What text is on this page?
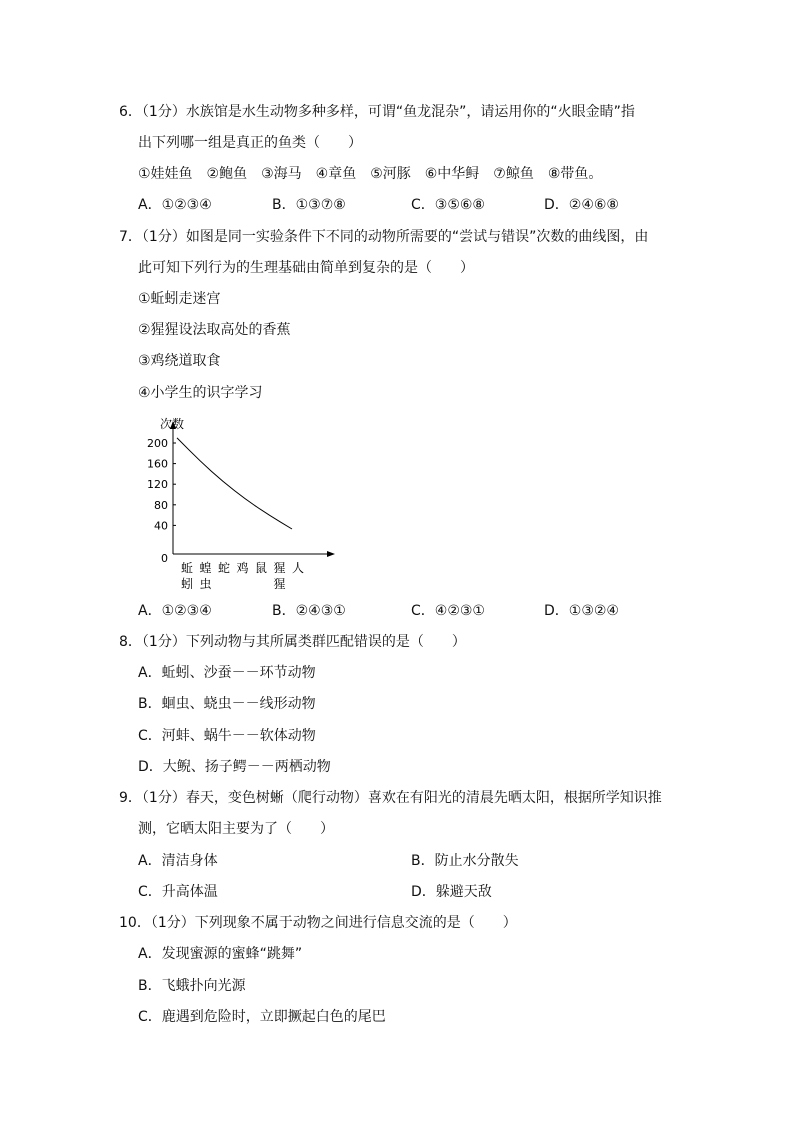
6．（1分）水族馆是水生动物多种多样，可谓“鱼龙混杂”，请运用你的“火眼金睛”指
出下列哪一组是真正的鱼类（　　）
①娃娃鱼　②鲍鱼　③海马　④章鱼　⑤河豚　⑥中华鲟　⑦鲸鱼　⑧带鱼。
A．①②③④	B．①③⑦⑧	C．③⑤⑥⑧	D．②④⑥⑧
7．（1分）如图是同一实验条件下不同的动物所需要的“尝试与错误”次数的曲线图，由
此可知下列行为的生理基础由简单到复杂的是（　　）
①蚯蚓走迷宫
②猩猩设法取高处的香蕉
③鸡绕道取食
④小学生的识字学习
次数
0
40
80
120
160
200
蚯
蚓
蝗
虫
蛇 鸡 鼠 猩
猩
人
A．①②③④	B．②④③①	C．④②③①	D．①③②④
8．（1分）下列动物与其所属类群匹配错误的是（　　）
A．蚯蚓、沙蚕－－环节动物
B．蛔虫、蛲虫－－线形动物
C．河蚌、蜗牛－－软体动物
D．大鲵、扬子鳄－－两栖动物
9．（1分）春天，变色树蜥（爬行动物）喜欢在有阳光的清晨先晒太阳，根据所学知识推
测，它晒太阳主要为了（　　）
A．清洁身体	B．防止水分散失
C．升高体温	D．躲避天敌
10．（1分）下列现象不属于动物之间进行信息交流的是（　　）
A．发现蜜源的蜜蜂“跳舞”
B．飞蛾扑向光源
C．鹿遇到危险时，立即撅起白色的尾巴
